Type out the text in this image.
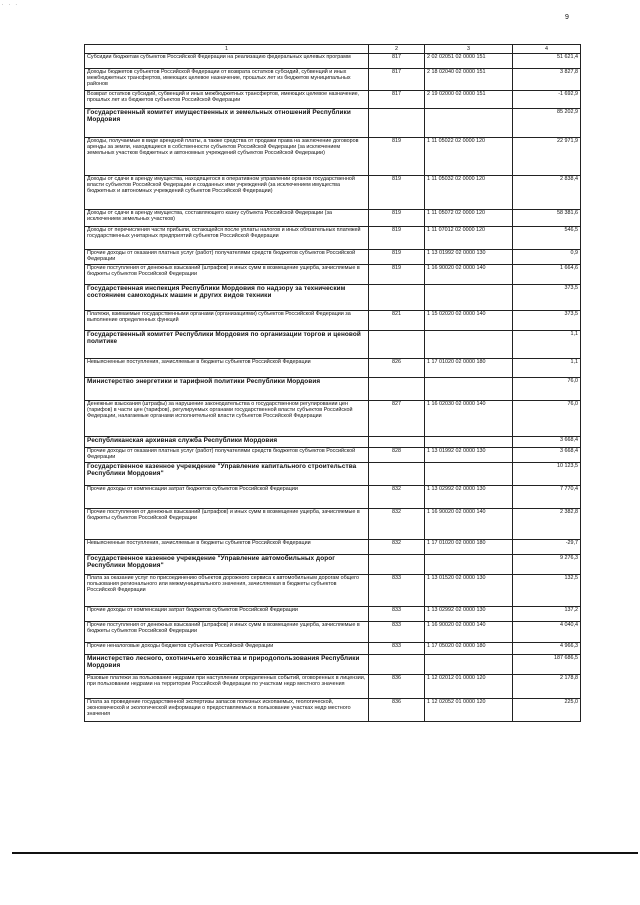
. . .
9
1	2	3	4
Субсидии бюджетам субъектов Российской Федерации на реализацию федеральных целевых программ	817	2 02 02051 02 0000 151	51 621,4
Доходы бюджетов субъектов Российской Федерации от возврата остатков субсидий, субвенций и иных межбюджетных трансфертов, имеющих целевое назначение, прошлых лет из бюджетов муниципальных районов	817	2 18 02040 02 0000 151	3 827,8
Возврат остатков субсидий, субвенций и иных межбюджетных трансфертов, имеющих целевое назначение, прошлых лет из бюджетов субъектов Российской Федерации	817	2 19 02000 02 0000 151	-1 692,9
Государственный комитет имущественных и земельных отношений Республики Мордовия			85 202,9
Доходы, получаемые в виде арендной платы, а также средства от продажи права на заключение договоров аренды за земли, находящиеся в собственности субъектов Российской Федерации (за исключением земельных участков бюджетных и автономных учреждений субъектов Российской Федерации)	819	1 11 05022 02 0000 120	22 971,9
Доходы от сдачи в аренду имущества, находящегося в оперативном управлении органов государственной власти субъектов Российской Федерации и созданных ими учреждений (за исключением имущества бюджетных и автономных учреждений субъектов Российской Федерации)	819	1 11 05032 02 0000 120	2 838,4
Доходы от сдачи в аренду имущества, составляющего казну субъекта Российской Федерации (за исключением земельных участков)	819	1 11 05072 02 0000 120	58 381,6
Доходы от перечисления части прибыли, остающейся после уплаты налогов и иных обязательных платежей государственных унитарных предприятий субъектов Российской Федерации	819	1 11 07012 02 0000 120	546,5
Прочие доходы от оказания платных услуг (работ) получателями средств бюджетов субъектов Российской Федерации	819	1 13 01992 02 0000 130	0,9
Прочие поступления от денежных взысканий (штрафов) и иных сумм в возмещение ущерба, зачисляемые в бюджеты субъектов Российской Федерации	819	1 16 90020 02 0000 140	1 664,6
Государственная инспекция Республики Мордовия по надзору за техническим состоянием самоходных машин и других видов техники			373,5
Платежи, взимаемые государственными органами (организациями) субъектов Российской Федерации за выполнение определенных функций	821	1 15 02020 02 0000 140	373,5
Государственный комитет Республики Мордовия по организации торгов и ценовой политике			1,1
Невыясненные поступления, зачисляемые в бюджеты субъектов Российской Федерации	826	1 17 01020 02 0000 180	1,1
Министерство энергетики и тарифной политики Республики Мордовия			76,0
Денежные взыскания (штрафы) за нарушение законодательства о государственном регулировании цен (тарифов) в части цен (тарифов), регулируемых органами государственной власти субъектов Российской Федерации, налагаемые органами исполнительной власти субъектов Российской Федерации	827	1 16 02030 02 0000 140	76,0
Республиканская архивная служба Республики Мордовия			3 668,4
Прочие доходы от оказания платных услуг (работ) получателями средств бюджетов субъектов Российской Федерации	828	1 13 01992 02 0000 130	3 668,4
Государственное казенное учреждение "Управление капитального строительства Республики Мордовия"			10 123,5
Прочие доходы от компенсации затрат бюджетов субъектов Российской Федерации	832	1 13 02992 02 0000 130	7 770,4
Прочие поступления от денежных взысканий (штрафов) и иных сумм в возмещение ущерба, зачисляемые в бюджеты субъектов Российской Федерации	832	1 16 90020 02 0000 140	2 382,8
Невыясненные поступления, зачисляемые в бюджеты субъектов Российской Федерации	832	1 17 01020 02 0000 180	-29,7
Государственное казенное учреждение "Управление автомобильных дорог Республики Мордовия"			9 276,3
Плата за оказание услуг по присоединению объектов дорожного сервиса к автомобильным дорогам общего пользования регионального или межмуниципального значения, зачисляемая в бюджеты субъектов Российской Федерации	833	1 13 01520 02 0000 130	132,5
Прочие доходы от компенсации затрат бюджетов субъектов Российской Федерации	833	1 13 02992 02 0000 130	137,2
Прочие поступления от денежных взысканий (штрафов) и иных сумм в возмещение ущерба, зачисляемые в бюджеты субъектов Российской Федерации	833	1 16 90020 02 0000 140	4 040,4
Прочие неналоговые доходы бюджетов субъектов Российской Федерации	833	1 17 05020 02 0000 180	4 966,3
Министерство лесного, охотничьего хозяйства и природопользования Республики Мордовия			187 686,5
Разовые платежи за пользование недрами при наступлении определенных событий, оговоренных в лицензии, при пользовании недрами на территории Российской Федерации по участкам недр местного значения	836	1 12 02012 01 0000 120	2 178,8
Плата за проведение государственной экспертизы запасов полезных ископаемых, геологической, экономической и экологической информации о предоставляемых в пользование участках недр местного значения	836	1 12 02052 01 0000 120	225,0
